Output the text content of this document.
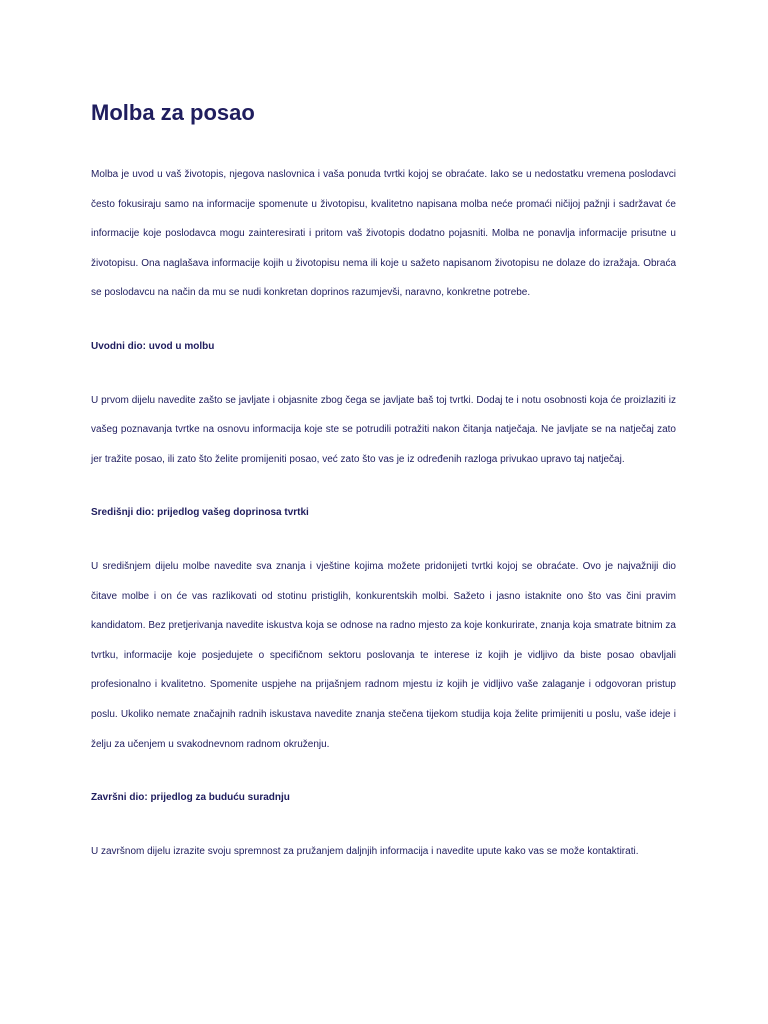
Molba za posao

Molba je uvod u vaš životopis, njegova naslovnica i vaša ponuda tvrtki kojoj se obraćate. Iako se u nedostatku vremena poslodavci često fokusiraju samo na informacije spomenute u životopisu, kvalitetno napisana molba neće promaći ničijoj pažnji i sadržavat će informacije koje poslodavca mogu zainteresirati i pritom vaš životopis dodatno pojasniti. Molba ne ponavlja informacije prisutne u životopisu. Ona naglašava informacije kojih u životopisu nema ili koje u sažeto napisanom životopisu ne dolaze do izražaja. Obraća se poslodavcu na način da mu se nudi konkretan doprinos razumjevši, naravno, konkretne potrebe.

Uvodni dio: uvod u molbu

U prvom dijelu navedite zašto se javljate i objasnite zbog čega se javljate baš toj tvrtki. Dodaj te i notu osobnosti koja će proizlaziti iz vašeg poznavanja tvrtke na osnovu informacija koje ste se potrudili potražiti nakon čitanja natječaja. Ne javljate se na natječaj zato jer tražite posao, ili zato što želite promijeniti posao, već zato što vas je iz određenih razloga privukao upravo taj natječaj.

Središnji dio: prijedlog vašeg doprinosa tvrtki

U središnjem dijelu molbe navedite sva znanja i vještine kojima možete pridonijeti tvrtki kojoj se obraćate. Ovo je najvažniji dio čitave molbe i on će vas razlikovati od stotinu pristiglih, konkurentskih molbi. Sažeto i jasno istaknite ono što vas čini pravim kandidatom. Bez pretjerivanja navedite iskustva koja se odnose na radno mjesto za koje konkurirate, znanja koja smatrate bitnim za tvrtku, informacije koje posjedujete o specifičnom sektoru poslovanja te interese iz kojih je vidljivo da biste posao obavljali profesionalno i kvalitetno. Spomenite uspjehe na prijašnjem radnom mjestu iz kojih je vidljivo vaše zalaganje i odgovoran pristup poslu. Ukoliko nemate značajnih radnih iskustava navedite znanja stečena tijekom studija koja želite primijeniti u poslu, vaše ideje i želju za učenjem u svakodnevnom radnom okruženju.

Završni dio: prijedlog za buduću suradnju

U završnom dijelu izrazite svoju spremnost za pružanjem daljnjih informacija i navedite upute kako vas se može kontaktirati.
